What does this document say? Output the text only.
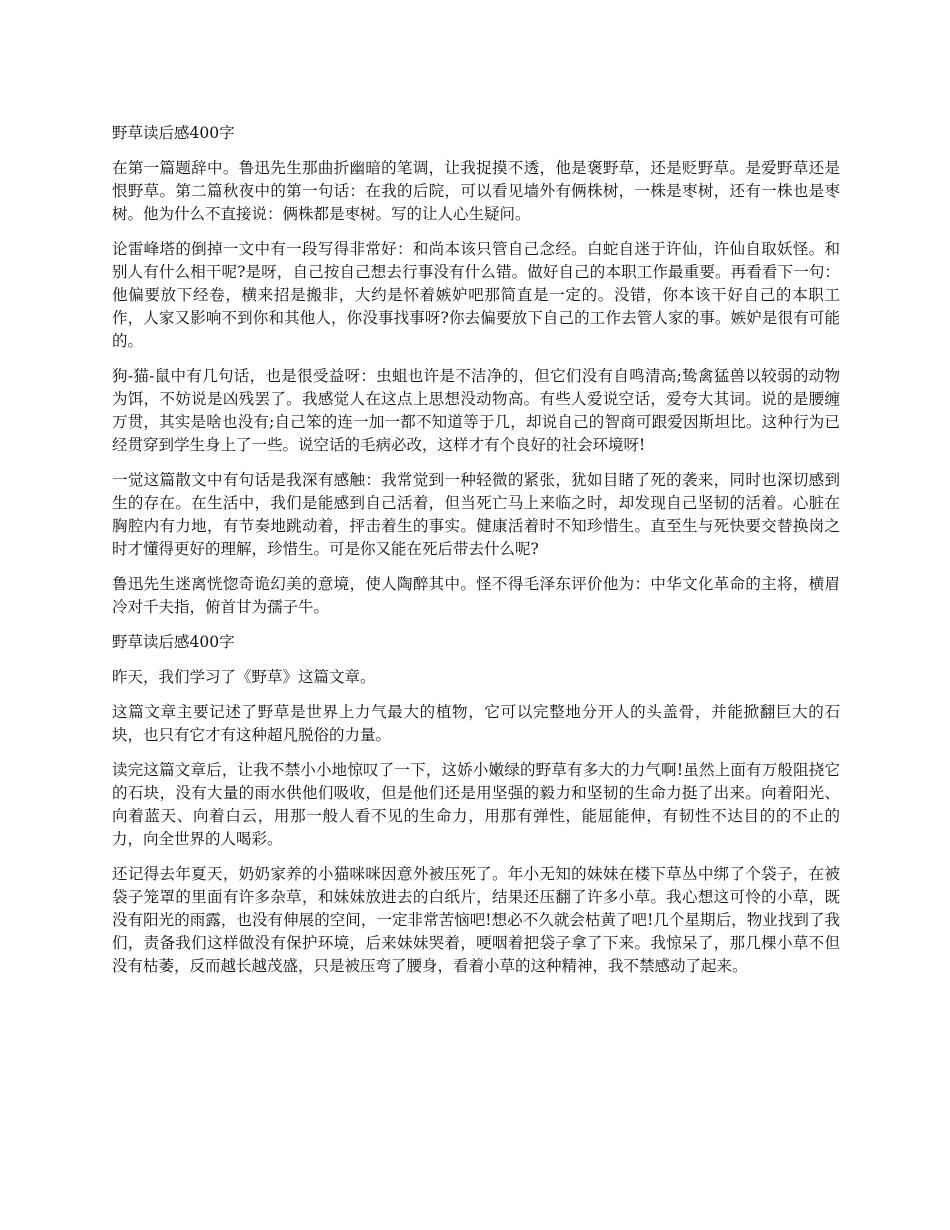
野草读后感400字

在第一篇题辞中。鲁迅先生那曲折幽暗的笔调，让我捉摸不透，他是褒野草，还是贬野草。是爱野草还是恨野草。第二篇秋夜中的第一句话：在我的后院，可以看见墙外有俩株树，一株是枣树，还有一株也是枣树。他为什么不直接说：俩株都是枣树。写的让人心生疑问。

论雷峰塔的倒掉一文中有一段写得非常好：和尚本该只管自己念经。白蛇自迷于许仙，许仙自取妖怪。和别人有什么相干呢?是呀，自己按自己想去行事没有什么错。做好自己的本职工作最重要。再看看下一句：他偏要放下经卷，横来招是搬非，大约是怀着嫉妒吧那简直是一定的。没错，你本该干好自己的本职工作，人家又影响不到你和其他人，你没事找事呀?你去偏要放下自己的工作去管人家的事。嫉妒是很有可能的。

狗-猫-鼠中有几句话，也是很受益呀：虫蛆也许是不洁净的，但它们没有自鸣清高;鸷禽猛兽以较弱的动物为饵，不妨说是凶残罢了。我感觉人在这点上思想没动物高。有些人爱说空话，爱夸大其词。说的是腰缠万贯，其实是啥也没有;自己笨的连一加一都不知道等于几，却说自己的智商可跟爱因斯坦比。这种行为已经贯穿到学生身上了一些。说空话的毛病必改，这样才有个良好的社会环境呀!

一觉这篇散文中有句话是我深有感触：我常觉到一种轻微的紧张，犹如目睹了死的袭来，同时也深切感到生的存在。在生活中，我们是能感到自己活着，但当死亡马上来临之时，却发现自己坚韧的活着。心脏在胸腔内有力地，有节奏地跳动着，抨击着生的事实。健康活着时不知珍惜生。直至生与死快要交替换岗之时才懂得更好的理解，珍惜生。可是你又能在死后带去什么呢?

鲁迅先生迷离恍惚奇诡幻美的意境，使人陶醉其中。怪不得毛泽东评价他为：中华文化革命的主将，横眉冷对千夫指，俯首甘为孺子牛。

野草读后感400字

昨天，我们学习了《野草》这篇文章。

这篇文章主要记述了野草是世界上力气最大的植物，它可以完整地分开人的头盖骨，并能掀翻巨大的石块，也只有它才有这种超凡脱俗的力量。

读完这篇文章后，让我不禁小小地惊叹了一下，这娇小嫩绿的野草有多大的力气啊!虽然上面有万般阻挠它的石块，没有大量的雨水供他们吸收，但是他们还是用坚强的毅力和坚韧的生命力挺了出来。向着阳光、向着蓝天、向着白云，用那一般人看不见的生命力，用那有弹性，能屈能伸，有韧性不达目的的不止的力，向全世界的人喝彩。

还记得去年夏天，奶奶家养的小猫咪咪因意外被压死了。年小无知的妹妹在楼下草丛中绑了个袋子，在被袋子笼罩的里面有许多杂草，和妹妹放进去的白纸片，结果还压翻了许多小草。我心想这可怜的小草，既没有阳光的雨露，也没有伸展的空间，一定非常苦恼吧!想必不久就会枯黄了吧!几个星期后，物业找到了我们，责备我们这样做没有保护环境，后来妹妹哭着，哽咽着把袋子拿了下来。我惊呆了，那几棵小草不但没有枯萎，反而越长越茂盛，只是被压弯了腰身，看着小草的这种精神，我不禁感动了起来。
